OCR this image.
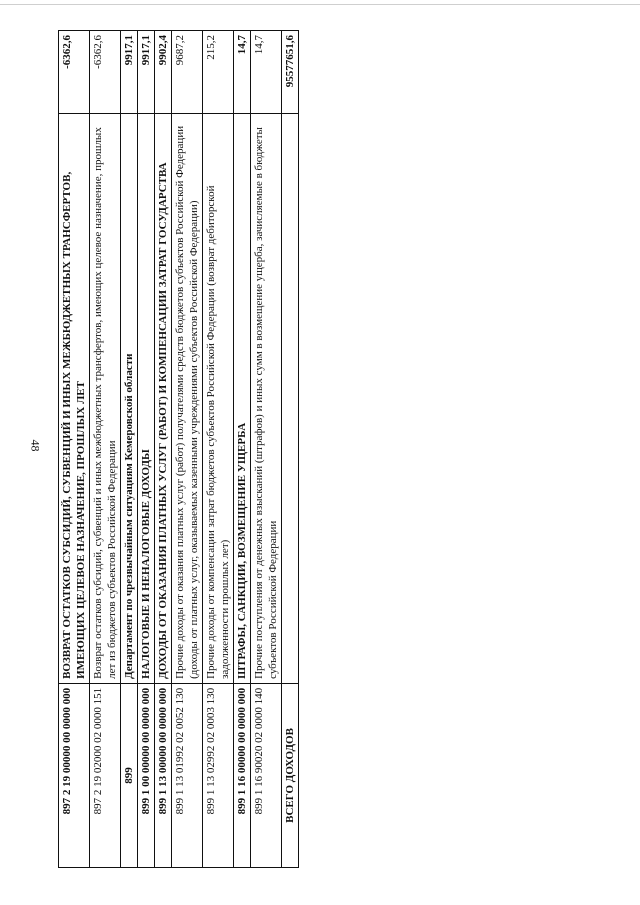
48
897 2 19 00000 00 0000 000	ВОЗВРАТ ОСТАТКОВ СУБСИДИЙ, СУБВЕНЦИЙ И ИНЫХ МЕЖБЮДЖЕТНЫХ ТРАНСФЕРТОВ, ИМЕЮЩИХ ЦЕЛЕВОЕ НАЗНАЧЕНИЕ, ПРОШЛЫХ ЛЕТ	-6362,6
897 2 19 02000 02 0000 151	Возврат остатков субсидий, субвенций и иных межбюджетных трансфертов, имеющих целевое назначение, прошлых лет из бюджетов субъектов Российской Федерации	-6362,6
899	Департамент по чрезвычайным ситуациям Кемеровской области	9917,1
899 1 00 00000 00 0000 000	НАЛОГОВЫЕ И НЕНАЛОГОВЫЕ ДОХОДЫ	9917,1
899 1 13 00000 00 0000 000	ДОХОДЫ ОТ ОКАЗАНИЯ ПЛАТНЫХ УСЛУГ (РАБОТ) И КОМПЕНСАЦИИ ЗАТРАТ ГОСУДАРСТВА	9902,4
899 1 13 01992 02 0052 130	Прочие доходы от оказания платных услуг (работ) получателями средств бюджетов субъектов Российской Федерации (доходы от платных услуг, оказываемых казенными учреждениями субъектов Российской Федерации)	9687,2
899 1 13 02992 02 0003 130	Прочие доходы от компенсации затрат бюджетов субъектов Российской Федерации (возврат дебиторской задолженности прошлых лет)	215,2
899 1 16 00000 00 0000 000	ШТРАФЫ, САНКЦИИ, ВОЗМЕЩЕНИЕ УЩЕРБА	14,7
899 1 16 90020 02 0000 140	Прочие поступления от денежных взысканий (штрафов) и иных сумм в возмещение ущерба, зачисляемые в бюджеты субъектов Российской Федерации	14,7
ВСЕГО ДОХОДОВ		95577651,6
